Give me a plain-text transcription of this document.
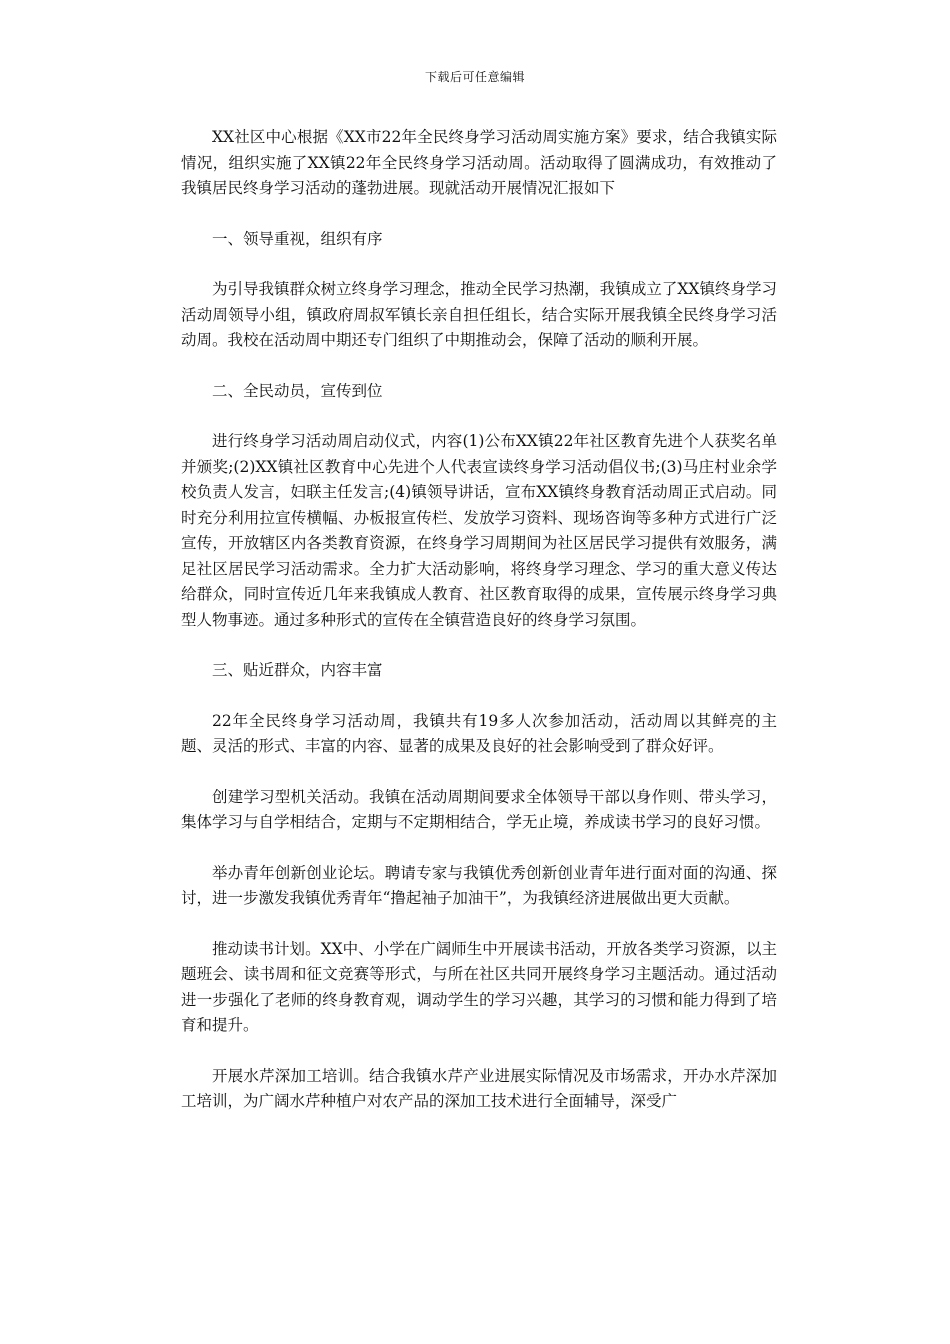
下载后可任意编辑

XX社区中心根据《XX市22年全民终身学习活动周实施方案》要求，结合我镇实际情况，组织实施了XX镇22年全民终身学习活动周。活动取得了圆满成功，有效推动了我镇居民终身学习活动的蓬勃进展。现就活动开展情况汇报如下

一、领导重视，组织有序

为引导我镇群众树立终身学习理念，推动全民学习热潮，我镇成立了XX镇终身学习活动周领导小组，镇政府周叔军镇长亲自担任组长，结合实际开展我镇全民终身学习活动周。我校在活动周中期还专门组织了中期推动会，保障了活动的顺利开展。

二、全民动员，宣传到位

进行终身学习活动周启动仪式，内容(1)公布XX镇22年社区教育先进个人获奖名单并颁奖;(2)XX镇社区教育中心先进个人代表宣读终身学习活动倡仪书;(3)马庄村业余学校负责人发言，妇联主任发言;(4)镇领导讲话，宣布XX镇终身教育活动周正式启动。同时充分利用拉宣传横幅、办板报宣传栏、发放学习资料、现场咨询等多种方式进行广泛宣传，开放辖区内各类教育资源，在终身学习周期间为社区居民学习提供有效服务，满足社区居民学习活动需求。全力扩大活动影响，将终身学习理念、学习的重大意义传达给群众，同时宣传近几年来我镇成人教育、社区教育取得的成果，宣传展示终身学习典型人物事迹。通过多种形式的宣传在全镇营造良好的终身学习氛围。

三、贴近群众，内容丰富

22年全民终身学习活动周，我镇共有19多人次参加活动，活动周以其鲜亮的主题、灵活的形式、丰富的内容、显著的成果及良好的社会影响受到了群众好评。

创建学习型机关活动。我镇在活动周期间要求全体领导干部以身作则、带头学习，集体学习与自学相结合，定期与不定期相结合，学无止境，养成读书学习的良好习惯。

举办青年创新创业论坛。聘请专家与我镇优秀创新创业青年进行面对面的沟通、探讨，进一步激发我镇优秀青年“撸起袖子加油干”，为我镇经济进展做出更大贡献。

推动读书计划。XX中、小学在广阔师生中开展读书活动，开放各类学习资源，以主题班会、读书周和征文竞赛等形式，与所在社区共同开展终身学习主题活动。通过活动进一步强化了老师的终身教育观，调动学生的学习兴趣，其学习的习惯和能力得到了培育和提升。

开展水芹深加工培训。结合我镇水芹产业进展实际情况及市场需求，开办水芹深加工培训，为广阔水芹种植户对农产品的深加工技术进行全面辅导，深受广
